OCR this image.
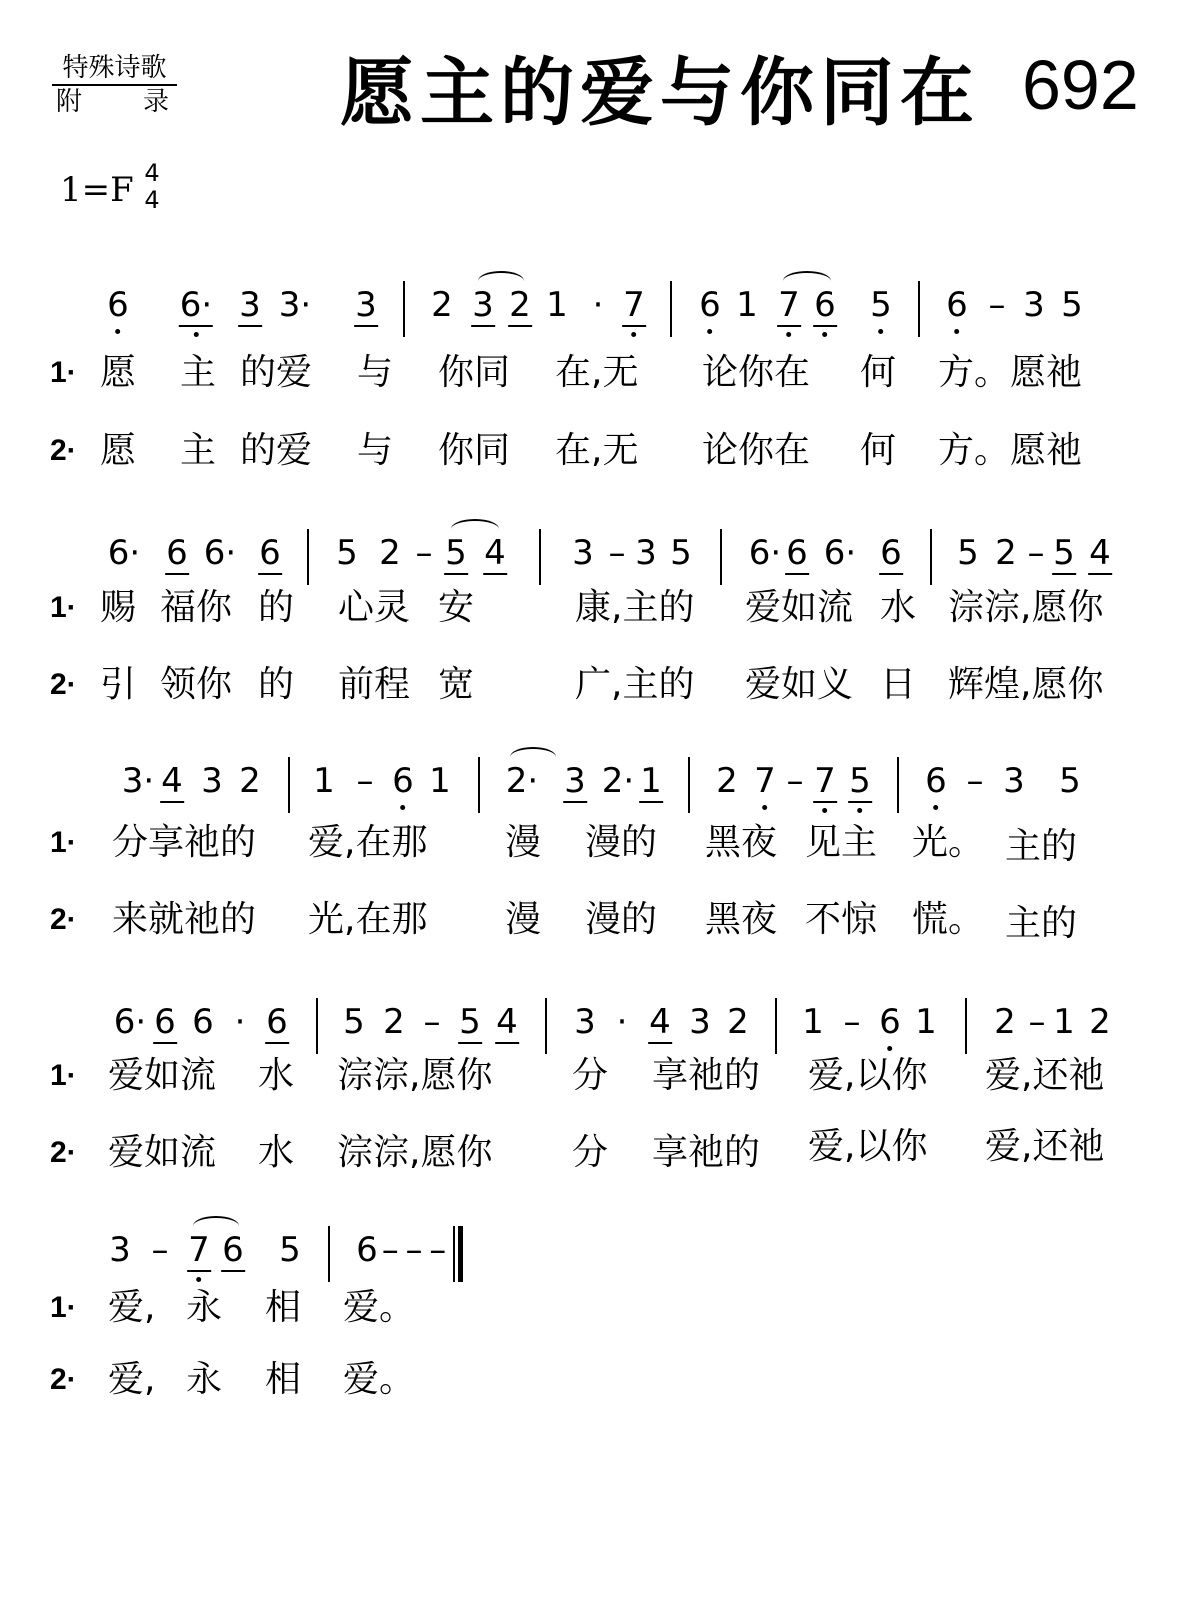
特殊诗歌
附 录 愿主的爱与你同在 692
1=F 4
4
6 6· 3 3· 3 2 3 2 1 · 7 6 1 7 6 5 6 – 3 5
1· 愿 主 的爱 与 你同 在,无 论你在 何 方。愿祂
2· 愿 主 的爱 与 你同 在,无 论你在 何 方。愿祂
6· 6 6· 6 5 2 – 5 4 3 – 3 5 6· 6 6· 6 5 2 – 5 4
1· 赐 福你 的 心灵 安	康,主的 爱如流 水 淙淙,愿你
2· 引 领你 的 前程 宽	广,主的 爱如义 日 辉煌,愿你
3· 4 3 2 1 – 6 1 2· 3 2· 1 2 7 – 7 5 6 – 3 5
1· 分享祂的 爱,在那 漫 漫的 黑夜 见主 光。 主的
2· 来就祂的 光,在那 漫 漫的 黑夜 不惊 慌。 主的
6· 6 6 · 6 5 2 – 5 4 3 · 4 3 2 1 – 6 1 2 – 1 2
1· 爱如流 水 淙淙,愿你 分 享祂的 爱,以你 爱,还祂
2· 爱如流 水 淙淙,愿你 分 享祂的 爱,以你 爱,还祂
3 – 7 6 5 6 – – –
1· 爱, 永 相 爱。
2· 爱, 永 相 爱。
